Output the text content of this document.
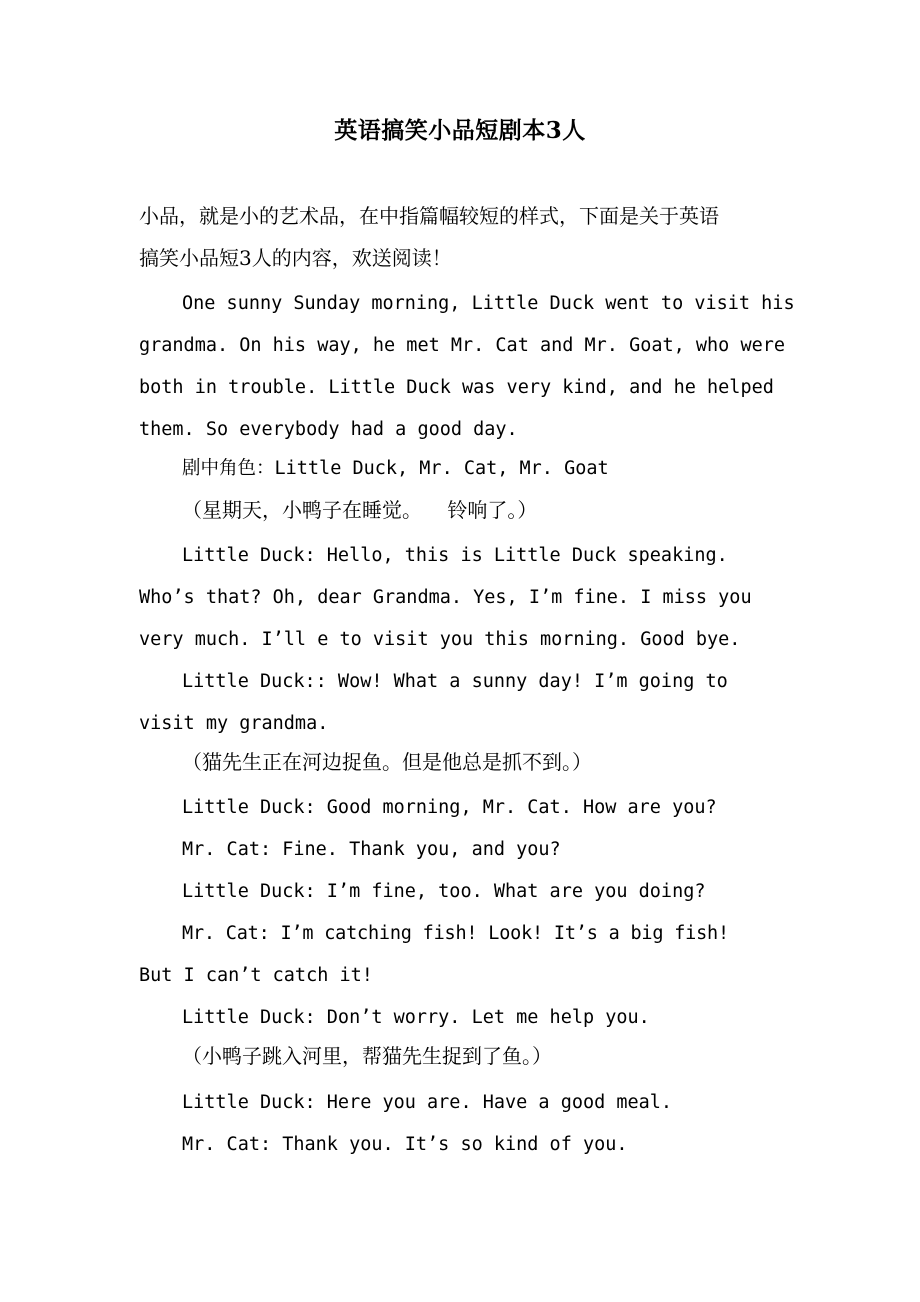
英语搞笑小品短剧本3人
小品，就是小的艺术品，在中指篇幅较短的样式，下面是关于英语
搞笑小品短3人的内容，欢送阅读！
One sunny Sunday morning, Little Duck went to visit his
grandma. On his way, he met Mr. Cat and Mr. Goat, who were
both in trouble. Little Duck was very kind, and he helped
them. So everybody had a good day.
剧中角色：Little Duck, Mr. Cat, Mr. Goat
（星期天，小鸭子在睡觉。    铃响了。）
Little Duck: Hello, this is Little Duck speaking.
Who’s that? Oh, dear Grandma. Yes, I’m fine. I miss you
very much. I’ll e to visit you this morning. Good bye.
Little Duck:: Wow! What a sunny day! I’m going to
visit my grandma.
（猫先生正在河边捉鱼。但是他总是抓不到。）
Little Duck: Good morning, Mr. Cat. How are you?
Mr. Cat: Fine. Thank you, and you?
Little Duck: I’m fine, too. What are you doing?
Mr. Cat: I’m catching fish! Look! It’s a big fish!
But I can’t catch it!
Little Duck: Don’t worry. Let me help you.
（小鸭子跳入河里，帮猫先生捉到了鱼。）
Little Duck: Here you are. Have a good meal.
Mr. Cat: Thank you. It’s so kind of you.
